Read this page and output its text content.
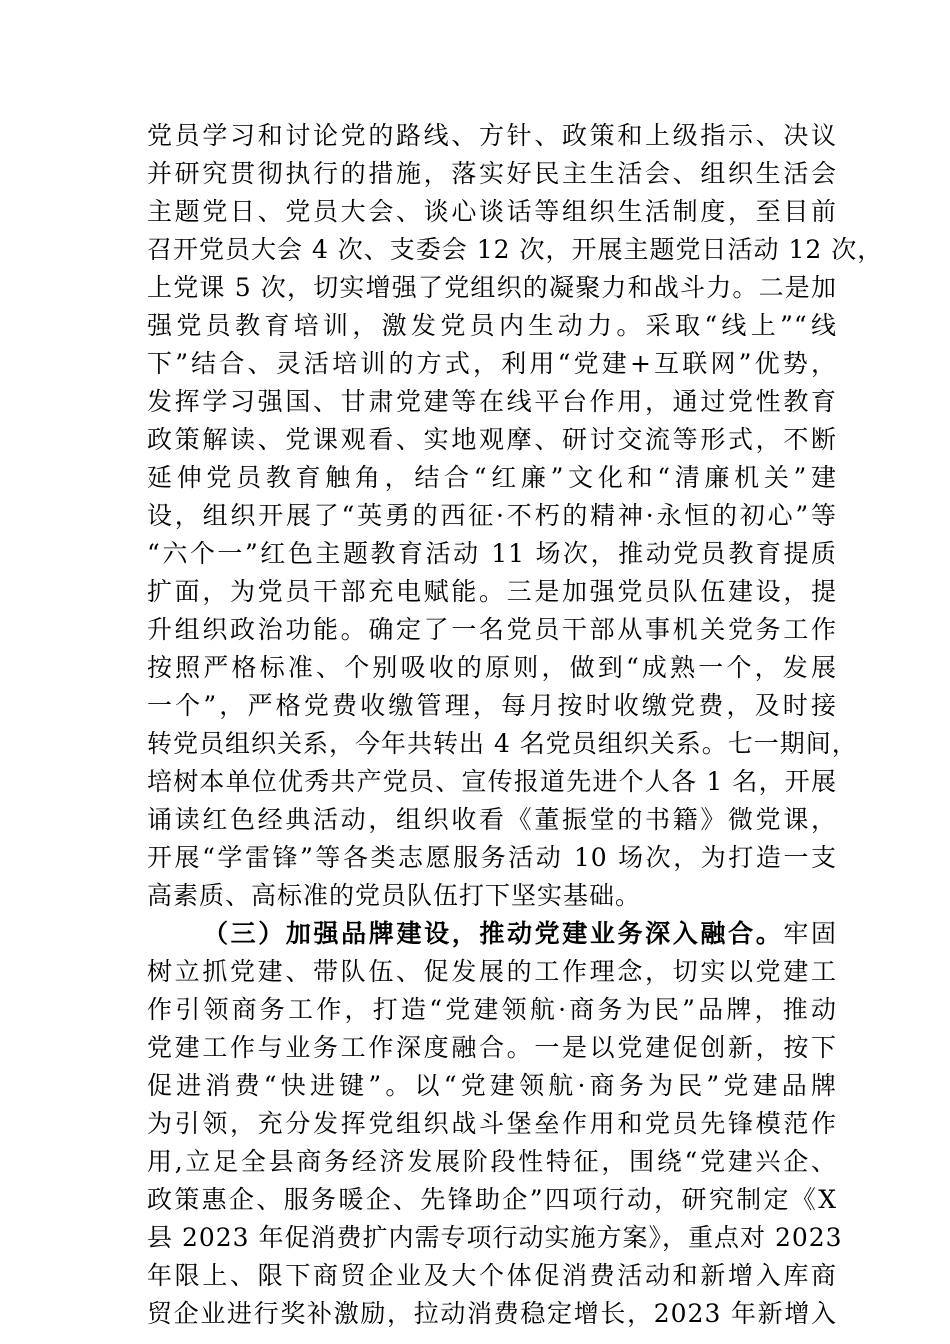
党员学习和讨论党的路线、方针、政策和上级指示、决议
并研究贯彻执行的措施，落实好民主生活会、组织生活会
主题党日、党员大会、谈心谈话等组织生活制度，至目前
召开党员大会 4 次、支委会 12 次，开展主题党日活动 12 次，
上党课 5 次，切实增强了党组织的凝聚力和战斗力。二是加
强党员教育培训，激发党员内生动力。采取“线上”“线
下”结合、灵活培训的方式，利用“党建+互联网”优势，
发挥学习强国、甘肃党建等在线平台作用，通过党性教育
政策解读、党课观看、实地观摩、研讨交流等形式，不断
延伸党员教育触角，结合“红廉”文化和“清廉机关”建
设，组织开展了“英勇的西征·不朽的精神·永恒的初心”等
“六个一”红色主题教育活动 11 场次，推动党员教育提质
扩面，为党员干部充电赋能。三是加强党员队伍建设，提
升组织政治功能。确定了一名党员干部从事机关党务工作
按照严格标准、个别吸收的原则，做到“成熟一个，发展
一个”，严格党费收缴管理，每月按时收缴党费，及时接
转党员组织关系，今年共转出 4 名党员组织关系。七一期间，
培树本单位优秀共产党员、宣传报道先进个人各 1 名，开展
诵读红色经典活动，组织收看《董振堂的书籍》微党课，
开展“学雷锋”等各类志愿服务活动 10 场次，为打造一支
高素质、高标准的党员队伍打下坚实基础。
（三）加强品牌建设，推动党建业务深入融合。牢固
树立抓党建、带队伍、促发展的工作理念，切实以党建工
作引领商务工作，打造“党建领航·商务为民”品牌，推动
党建工作与业务工作深度融合。一是以党建促创新，按下
促进消费“快进键”。以“党建领航·商务为民”党建品牌
为引领，充分发挥党组织战斗堡垒作用和党员先锋模范作
用,立足全县商务经济发展阶段性特征，围绕“党建兴企、
政策惠企、服务暖企、先锋助企”四项行动，研究制定《X
县 2023 年促消费扩内需专项行动实施方案》，重点对 2023
年限上、限下商贸企业及大个体促消费活动和新增入库商
贸企业进行奖补激励，拉动消费稳定增长，2023 年新增入
